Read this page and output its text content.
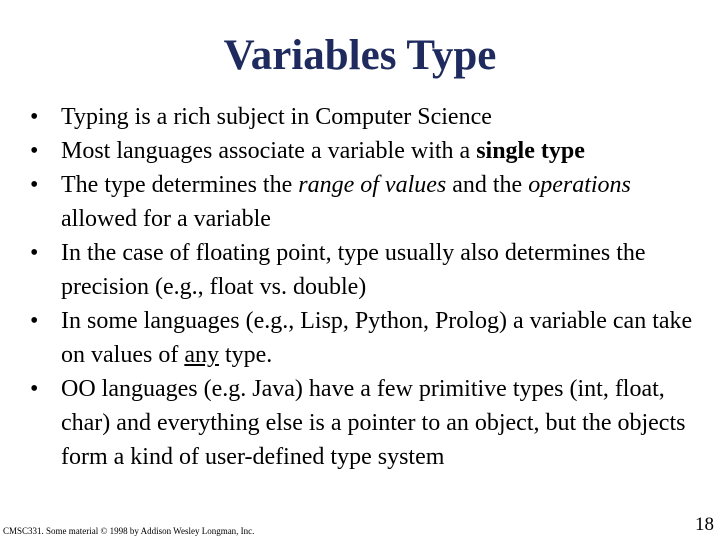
Variables Type
• Typing is a rich subject in Computer Science
• Most languages associate a variable with a single type
• The type determines the range of values and the operations allowed for a variable
• In the case of floating point, type usually also determines the precision (e.g., float vs. double)
• In some languages (e.g., Lisp, Python, Prolog) a variable can take on values of any type.
• OO languages (e.g. Java) have a few primitive types (int, float, char) and everything else is a pointer to an object, but the objects form a kind of user-defined type system
CMSC331. Some material © 1998 by Addison Wesley Longman, Inc.	18
